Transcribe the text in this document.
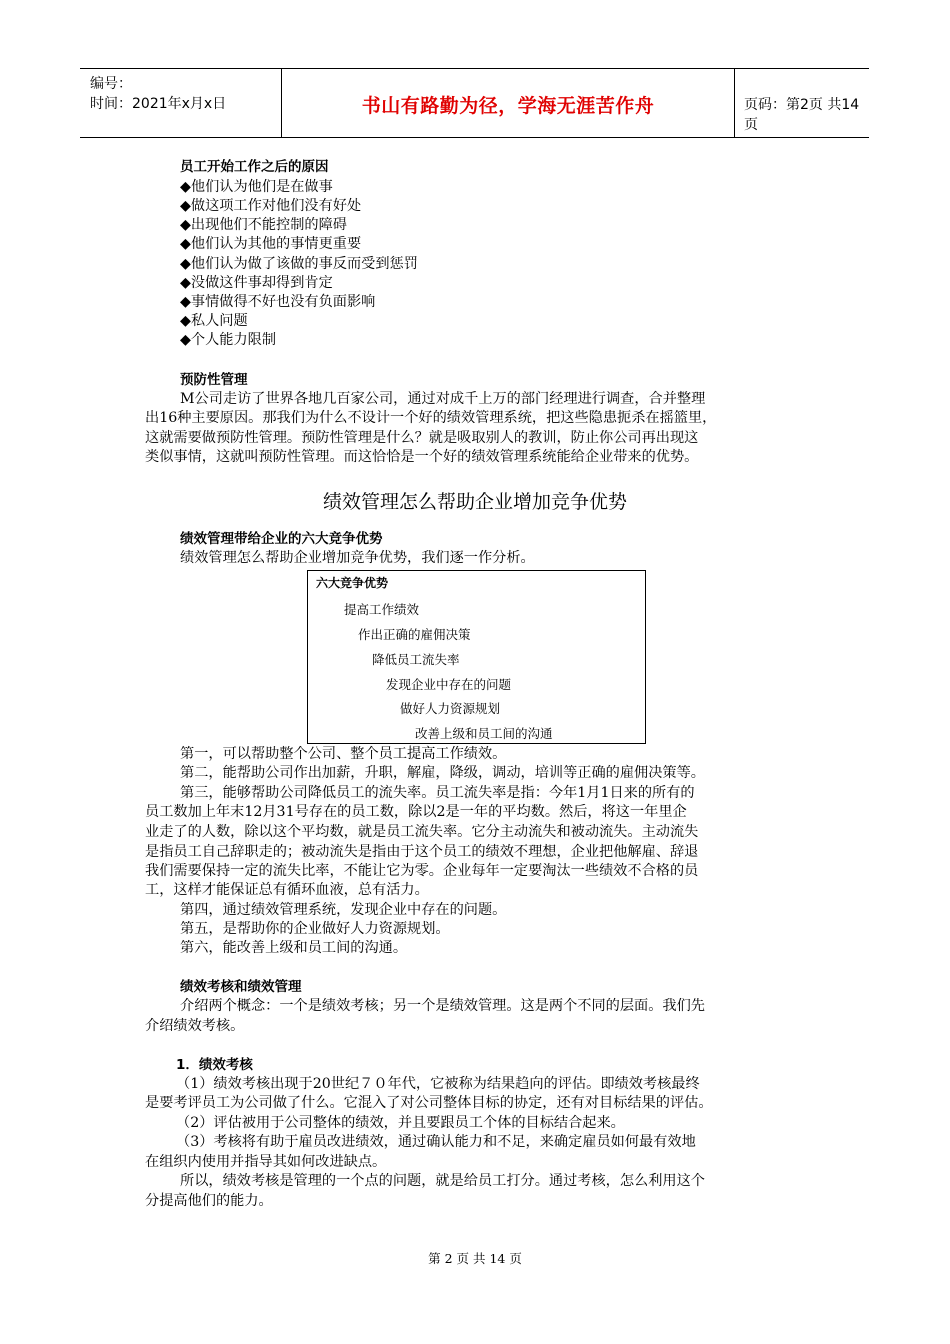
编号：
时间：2021年x月x日	书山有路勤为径，学海无涯苦作舟	页码：第2页 共14页
员工开始工作之后的原因
◆他们认为他们是在做事
◆做这项工作对他们没有好处
◆出现他们不能控制的障碍
◆他们认为其他的事情更重要
◆他们认为做了该做的事反而受到惩罚
◆没做这件事却得到肯定
◆事情做得不好也没有负面影响
◆私人问题
◆个人能力限制
预防性管理
M公司走访了世界各地几百家公司，通过对成千上万的部门经理进行调查，合并整理
出16种主要原因。那我们为什么不设计一个好的绩效管理系统，把这些隐患扼杀在摇篮里，
这就需要做预防性管理。预防性管理是什么？就是吸取别人的教训，防止你公司再出现这
类似事情，这就叫预防性管理。而这恰恰是一个好的绩效管理系统能给企业带来的优势。
绩效管理怎么帮助企业增加竞争优势
绩效管理带给企业的六大竞争优势
绩效管理怎么帮助企业增加竞争优势，我们逐一作分析。
六大竞争优势
提高工作绩效
作出正确的雇佣决策
降低员工流失率
发现企业中存在的问题
做好人力资源规划
改善上级和员工间的沟通
第一，可以帮助整个公司、整个员工提高工作绩效。
第二，能帮助公司作出加薪，升职，解雇，降级，调动，培训等正确的雇佣决策等。
第三，能够帮助公司降低员工的流失率。员工流失率是指：今年1月1日来的所有的
员工数加上年末12月31号存在的员工数，除以2是一年的平均数。然后，将这一年里企
业走了的人数，除以这个平均数，就是员工流失率。它分主动流失和被动流失。主动流失
是指员工自己辞职走的；被动流失是指由于这个员工的绩效不理想，企业把他解雇、辞退
我们需要保持一定的流失比率，不能让它为零。企业每年一定要淘汰一些绩效不合格的员
工，这样才能保证总有循环血液，总有活力。
第四，通过绩效管理系统，发现企业中存在的问题。
第五，是帮助你的企业做好人力资源规划。
第六，能改善上级和员工间的沟通。
绩效考核和绩效管理
介绍两个概念：一个是绩效考核；另一个是绩效管理。这是两个不同的层面。我们先
介绍绩效考核。
1．绩效考核
（1）绩效考核出现于20世纪７０年代，它被称为结果趋向的评估。即绩效考核最终
是要考评员工为公司做了什么。它混入了对公司整体目标的协定，还有对目标结果的评估。
（2）评估被用于公司整体的绩效，并且要跟员工个体的目标结合起来。
（3）考核将有助于雇员改进绩效，通过确认能力和不足，来确定雇员如何最有效地
在组织内使用并指导其如何改进缺点。
所以，绩效考核是管理的一个点的问题，就是给员工打分。通过考核，怎么利用这个
分提高他们的能力。
第 2 页 共 14 页
